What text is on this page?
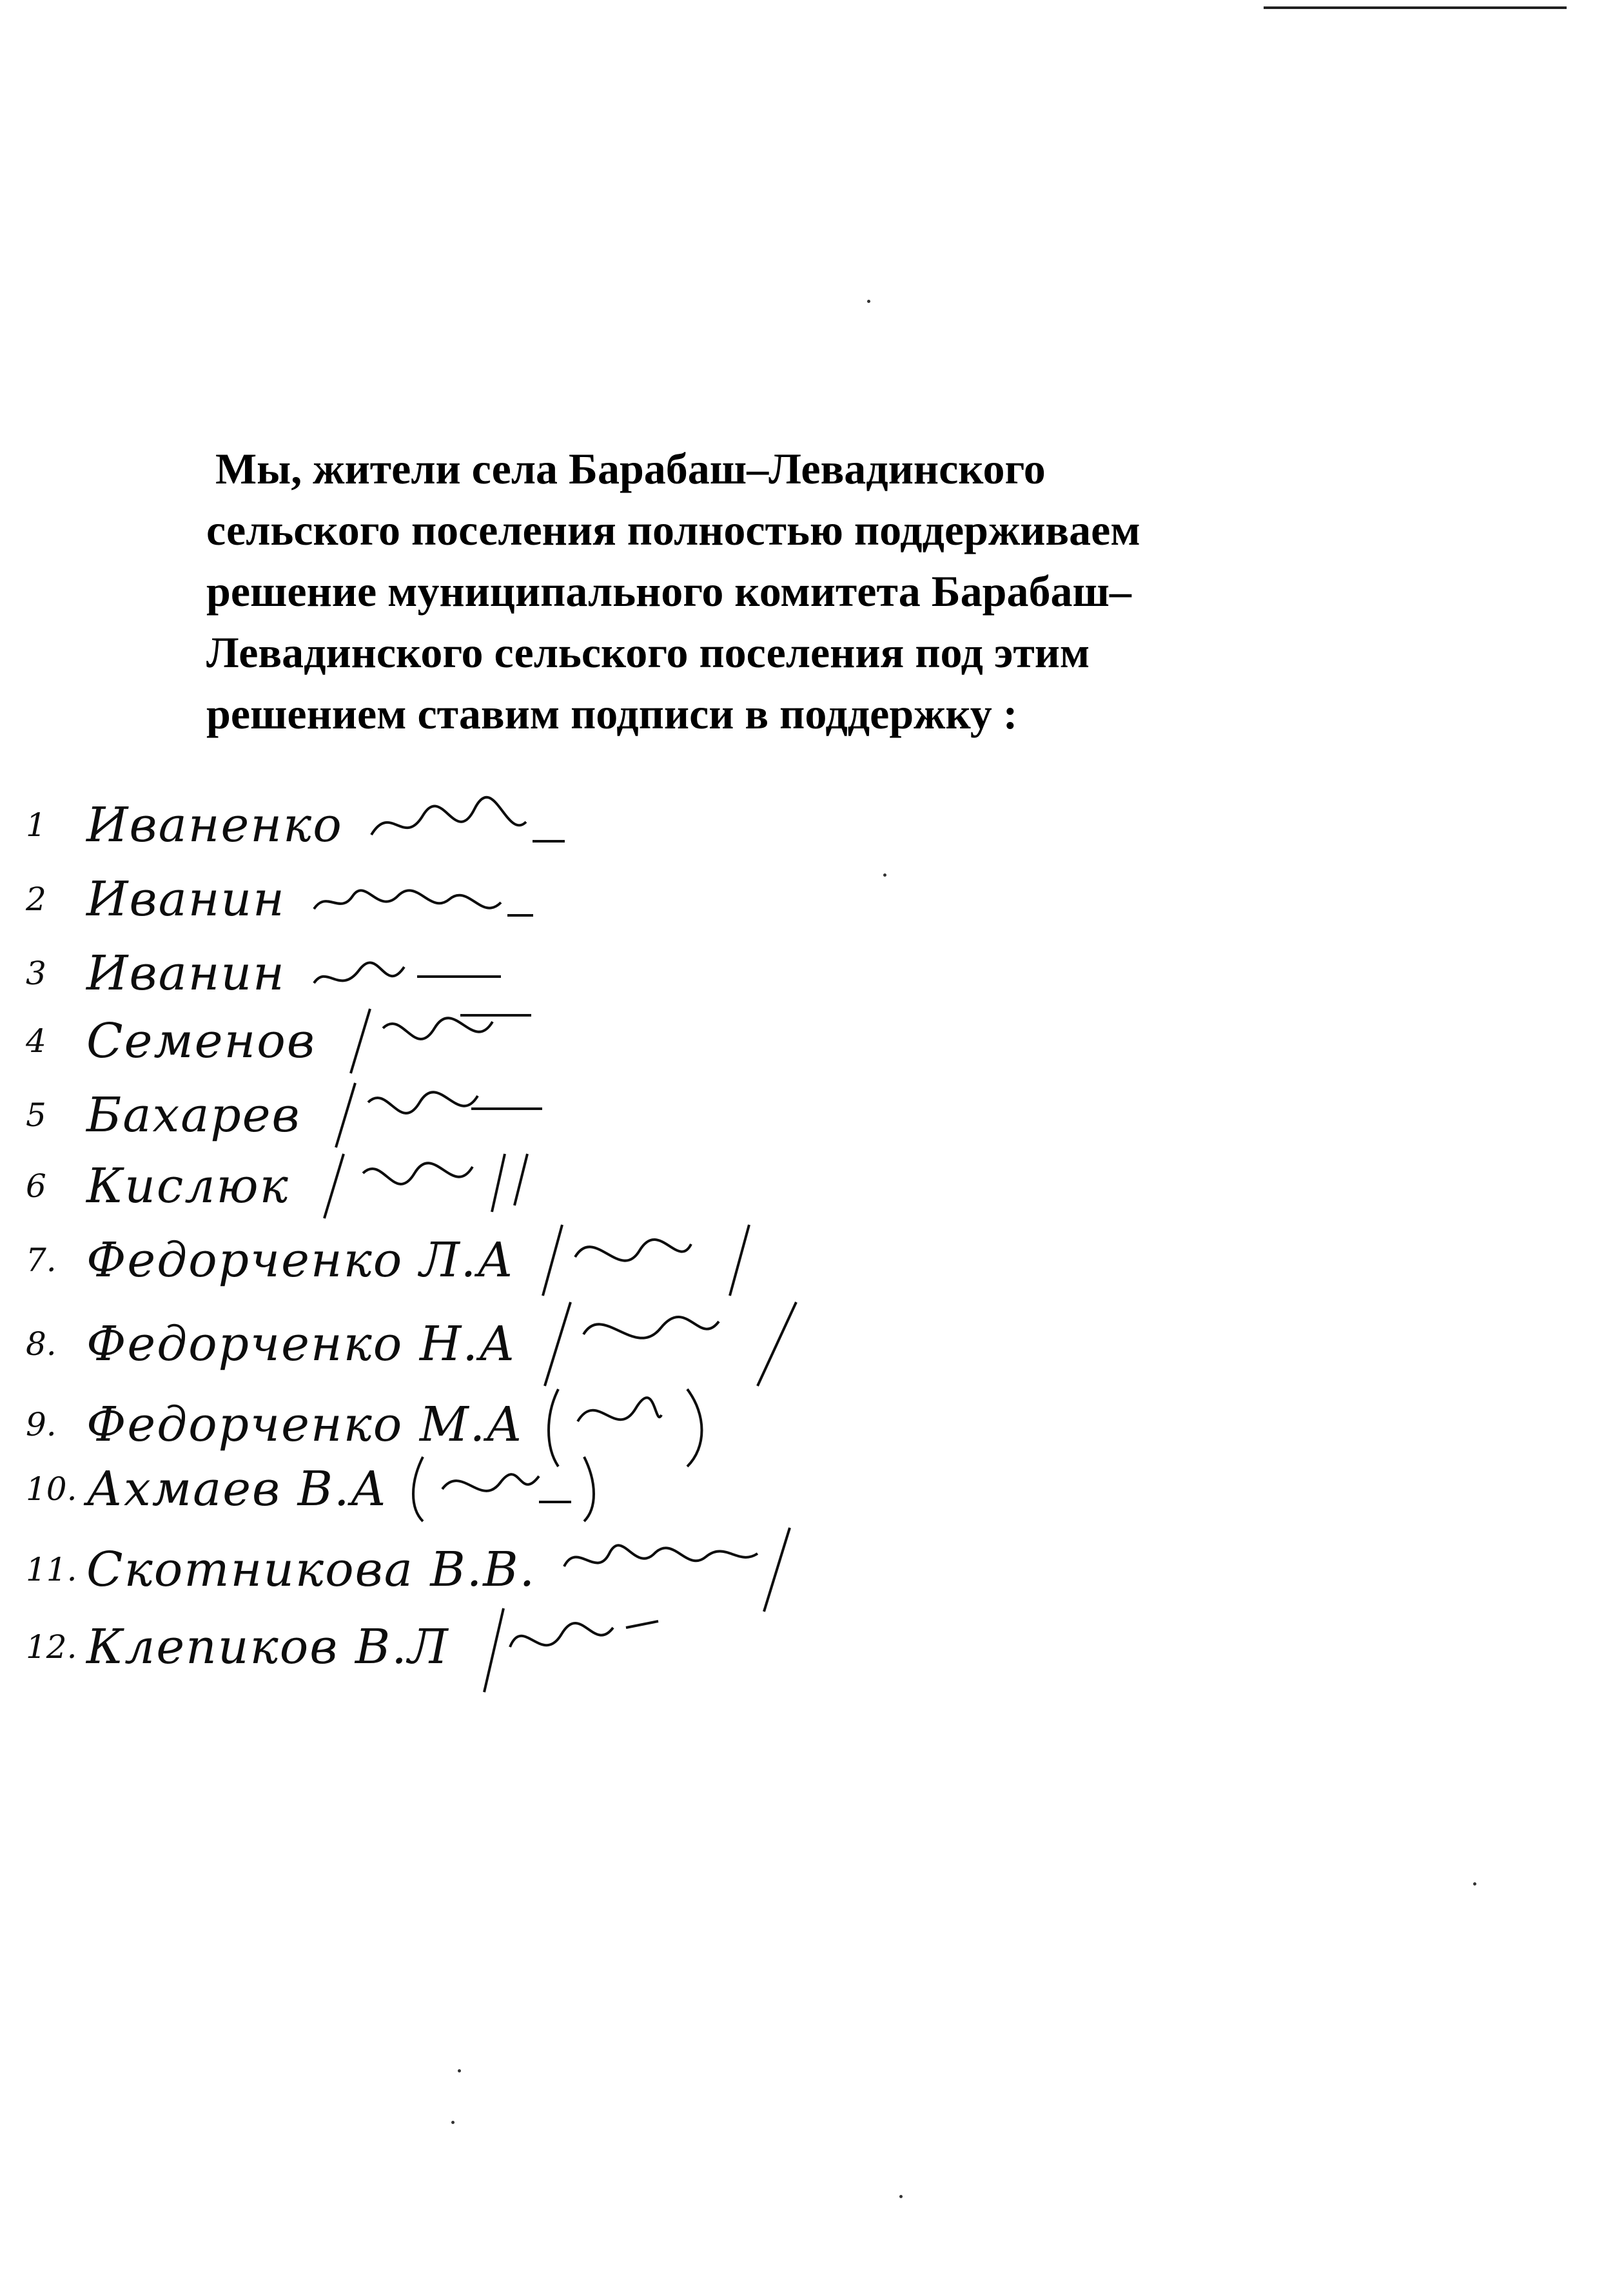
Мы, жители села Барабаш–Левадинского
сельского поселения полностью поддерживаем
решение муниципального комитета Барабаш–
Левадинского сельского поселения под этим
решением ставим подписи в поддержку :
1 Иваненко
2 Иванин
3 Иванин
4 Семенов
5 Бахарев
6 Кислюк
7. Федорченко Л.А
8. Федорченко Н.А
9. Федорченко М.А
10. Ахмаев В.А
11. Скотникова В.В.
12. Клепиков В.Л
